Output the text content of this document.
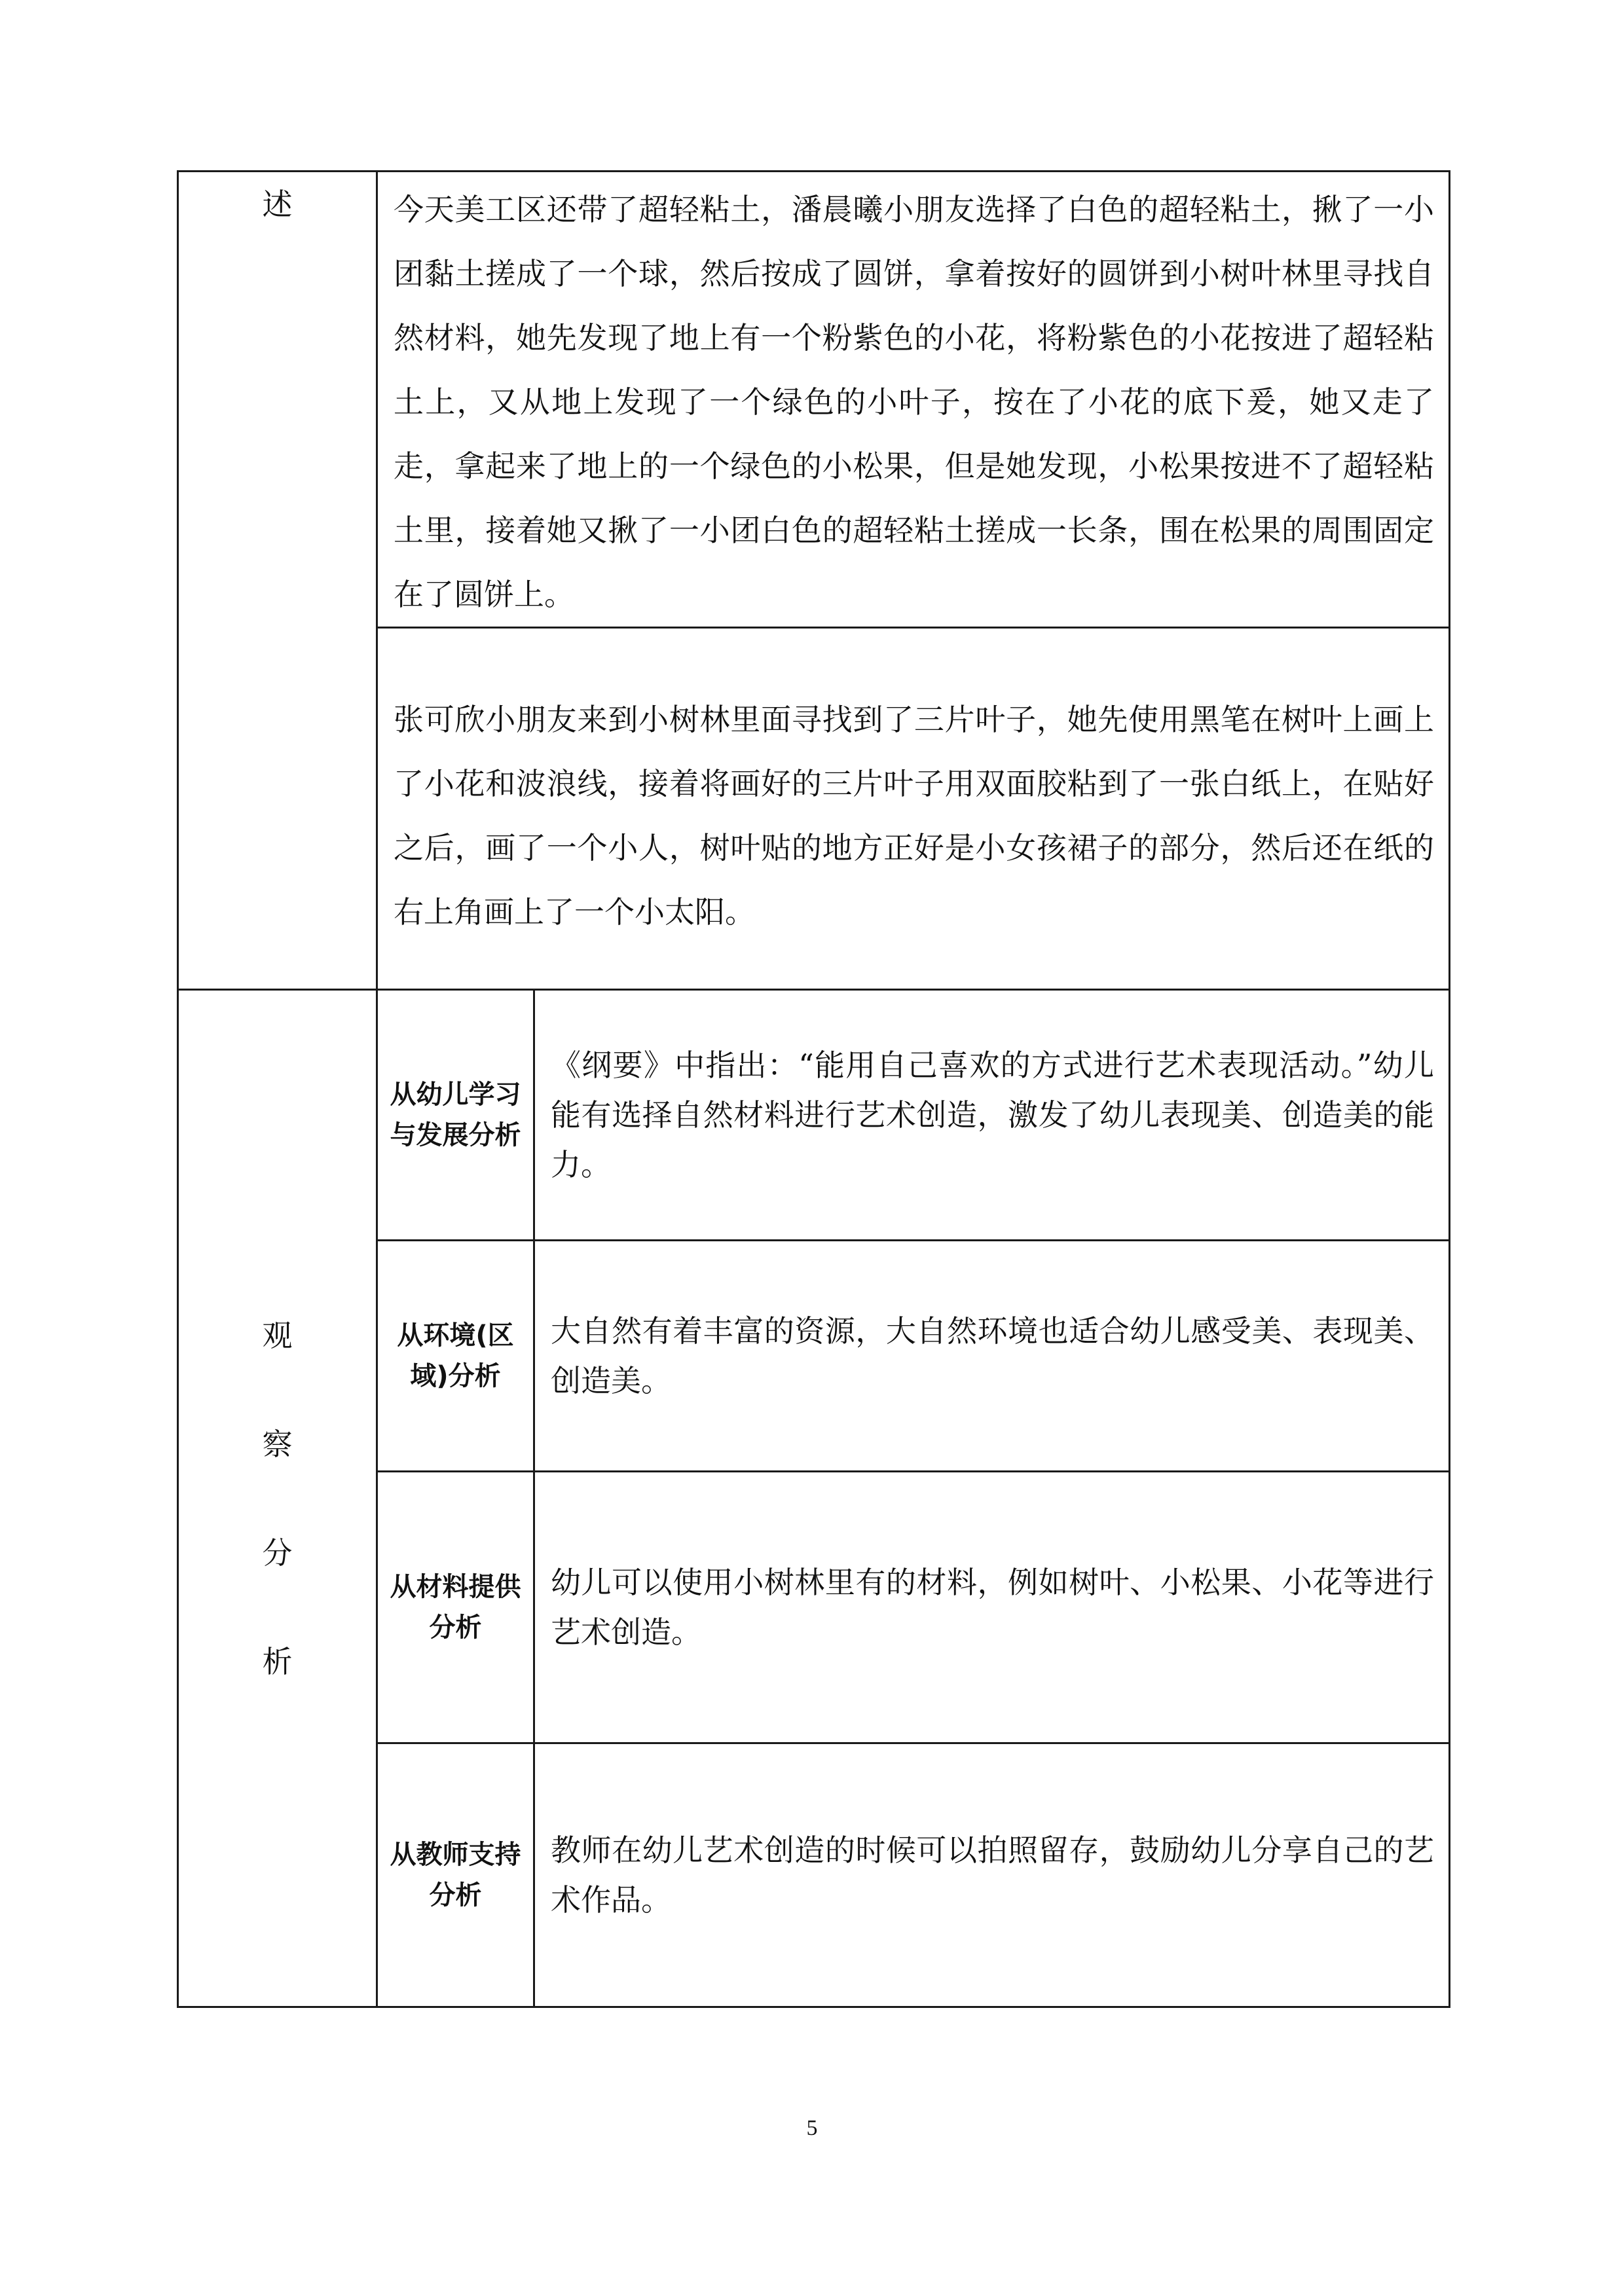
述	今天美工区还带了超轻粘土，潘晨曦小朋友选择了白色的超轻粘土，揪了一小团黏土搓成了一个球，然后按成了圆饼，拿着按好的圆饼到小树叶林里寻找自然材料，她先发现了地上有一个粉紫色的小花，将粉紫色的小花按进了超轻粘土上，又从地上发现了一个绿色的小叶子，按在了小花的底下爰，她又走了走，拿起来了地上的一个绿色的小松果，但是她发现，小松果按进不了超轻粘土里，接着她又揪了一小团白色的超轻粘土搓成一长条，围在松果的周围固定在了圆饼上。	
	张可欣小朋友来到小树林里面寻找到了三片叶子，她先使用黑笔在树叶上画上了小花和波浪线，接着将画好的三片叶子用双面胶粘到了一张白纸上，在贴好之后，画了一个小人，树叶贴的地方正好是小女孩裙子的部分，然后还在纸的右上角画上了一个小太阳。	

观
察
分
析	从幼儿学习与发展分析	《纲要》中指出：“能用自己喜欢的方式进行艺术表现活动。”幼儿能有选择自然材料进行艺术创造，激发了幼儿表现美、创造美的能力。
	从环境(区域)分析	大自然有着丰富的资源，大自然环境也适合幼儿感受美、表现美、创造美。
	从材料提供分析	幼儿可以使用小树林里有的材料，例如树叶、小松果、小花等进行艺术创造。
	从教师支持分析	教师在幼儿艺术创造的时候可以拍照留存，鼓励幼儿分享自己的艺术作品。
5
